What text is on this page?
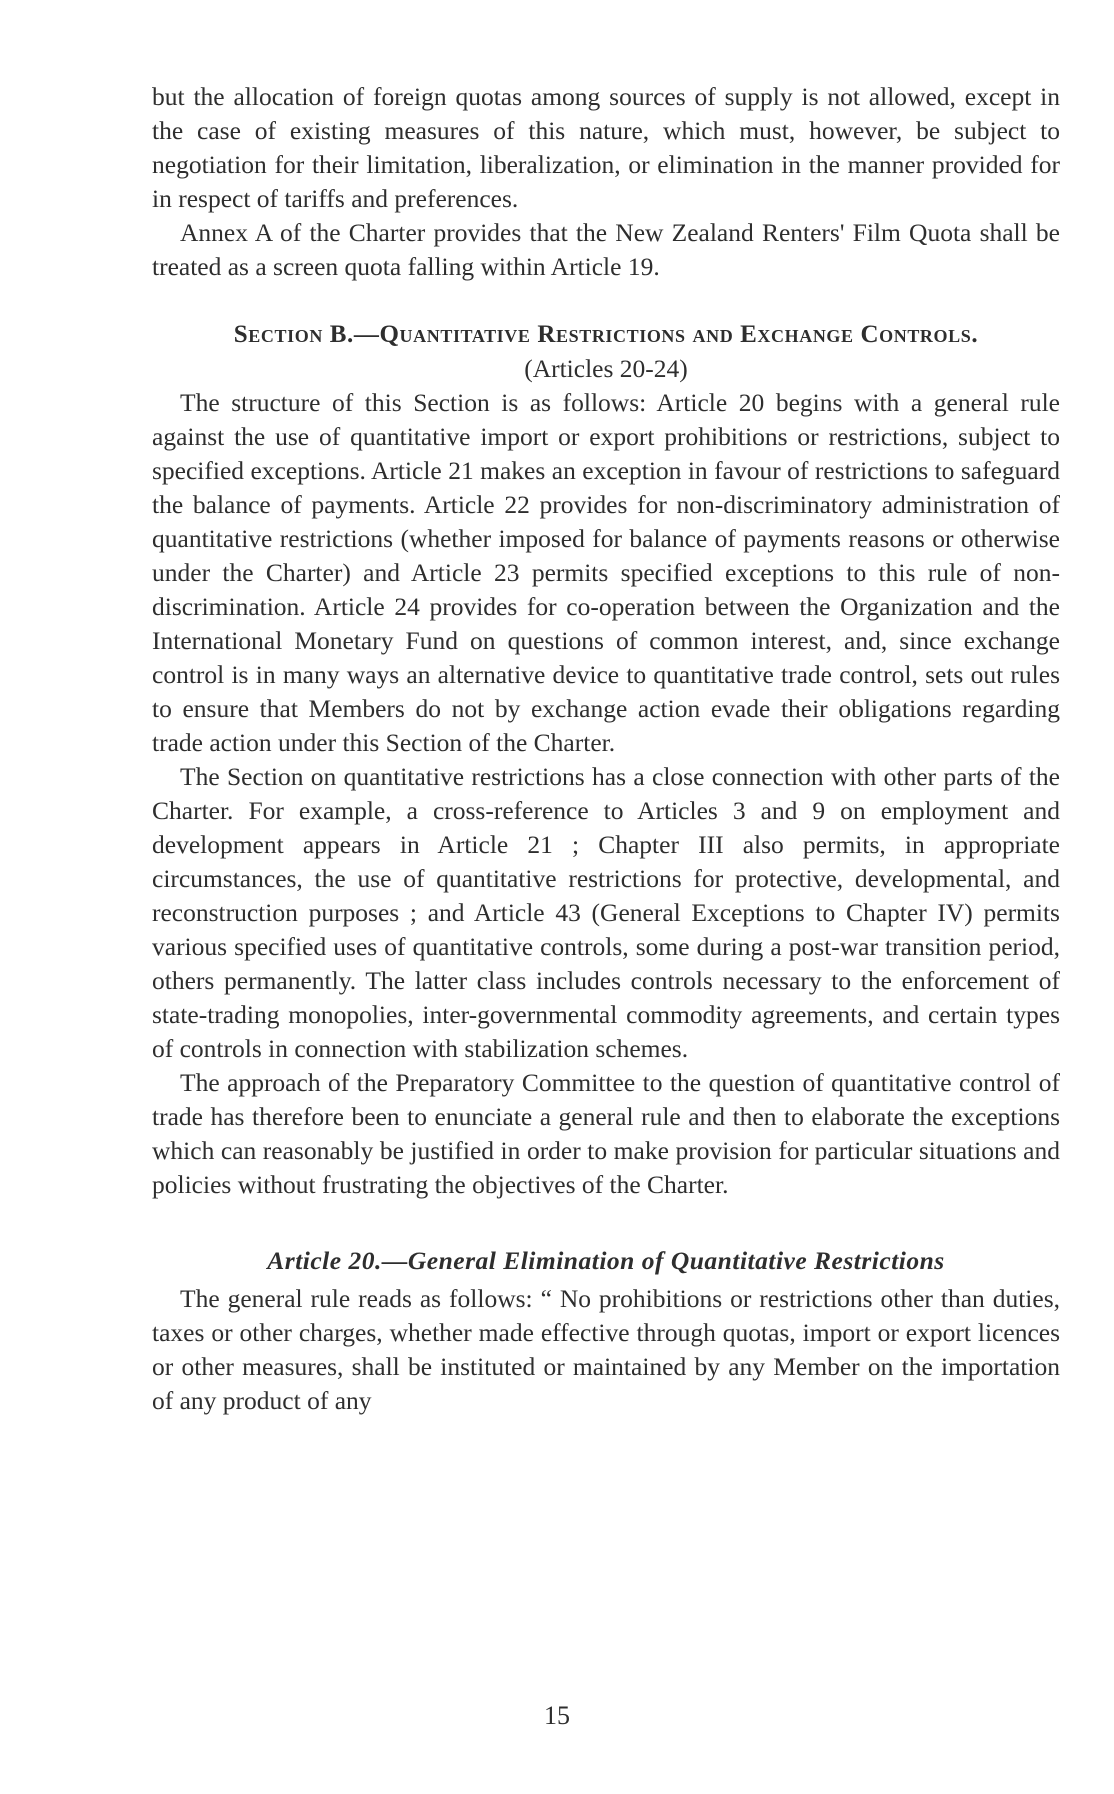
but the allocation of foreign quotas among sources of supply is not allowed, except in the case of existing measures of this nature, which must, however, be subject to negotiation for their limitation, liberalization, or elimination in the manner provided for in respect of tariffs and preferences.

Annex A of the Charter provides that the New Zealand Renters' Film Quota shall be treated as a screen quota falling within Article 19.

Section B.—Quantitative Restrictions and Exchange Controls.

(Articles 20-24)

The structure of this Section is as follows: Article 20 begins with a general rule against the use of quantitative import or export prohibitions or restrictions, subject to specified exceptions. Article 21 makes an exception in favour of restrictions to safeguard the balance of payments. Article 22 provides for non-discriminatory administration of quantitative restrictions (whether imposed for balance of payments reasons or otherwise under the Charter) and Article 23 permits specified exceptions to this rule of non-discrimination. Article 24 provides for co-operation between the Organization and the International Monetary Fund on questions of common interest, and, since exchange control is in many ways an alternative device to quantitative trade control, sets out rules to ensure that Members do not by exchange action evade their obligations regarding trade action under this Section of the Charter.

The Section on quantitative restrictions has a close connection with other parts of the Charter. For example, a cross-reference to Articles 3 and 9 on employment and development appears in Article 21 ; Chapter III also permits, in appropriate circumstances, the use of quantitative restrictions for protective, developmental, and reconstruction purposes ; and Article 43 (General Exceptions to Chapter IV) permits various specified uses of quantitative controls, some during a post-war transition period, others permanently. The latter class includes controls necessary to the enforcement of state-trading monopolies, inter-governmental commodity agreements, and certain types of controls in connection with stabilization schemes.

The approach of the Preparatory Committee to the question of quantitative control of trade has therefore been to enunciate a general rule and then to elaborate the exceptions which can reasonably be justified in order to make provision for particular situations and policies without frustrating the objectives of the Charter.

Article 20.—General Elimination of Quantitative Restrictions

The general rule reads as follows: “ No prohibitions or restrictions other than duties, taxes or other charges, whether made effective through quotas, import or export licences or other measures, shall be instituted or maintained by any Member on the importation of any product of any

15
